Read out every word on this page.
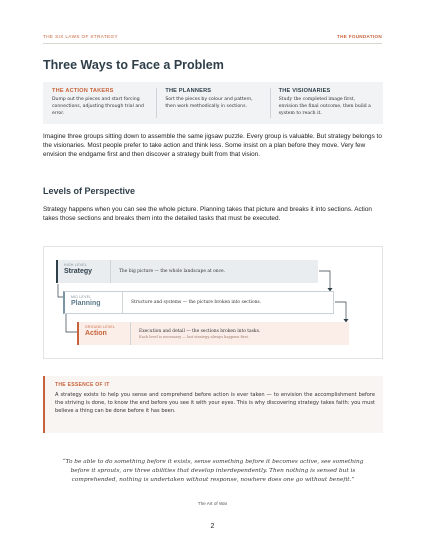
THE SIX LAWS OF STRATEGY	THE FOUNDATION
Three Ways to Face a Problem
THE ACTION TAKERS
Dump out the pieces and start forcing connections, adjusting through trial and error.
THE PLANNERS
Sort the pieces by colour and pattern, then work methodically in sections.
THE VISIONARIES
Study the completed image first, envision the final outcome, then build a system to reach it.

Imagine three groups sitting down to assemble the same jigsaw puzzle. Every group is valuable. But strategy belongs to the visionaries. Most people prefer to take action and think less. Some insist on a plan before they move. Very few envision the endgame first and then discover a strategy built from that vision.

Levels of Perspective

Strategy happens when you can see the whole picture. Planning takes that picture and breaks it into sections. Action takes those sections and breaks them into the detailed tasks that must be executed.

HIGH LEVEL
Strategy	The big picture — the whole landscape at once.
MID LEVEL
Planning	Structure and systems — the picture broken into sections.
GROUND LEVEL
Action	Execution and detail — the sections broken into tasks.
Each level is necessary — but strategy always happens first.
THE ESSENCE OF IT
A strategy exists to help you sense and comprehend before action is ever taken — to envision the accomplishment before the striving is done, to know the end before you see it with your eyes. This is why discovering strategy takes faith: you must believe a thing can be done before it has been.

“To be able to do something before it exists, sense something before it becomes active, see something before it sprouts, are three abilities that develop interdependently. Then nothing is sensed but is comprehended, nothing is undertaken without response, nowhere does one go without benefit.”

The Art of War
2
